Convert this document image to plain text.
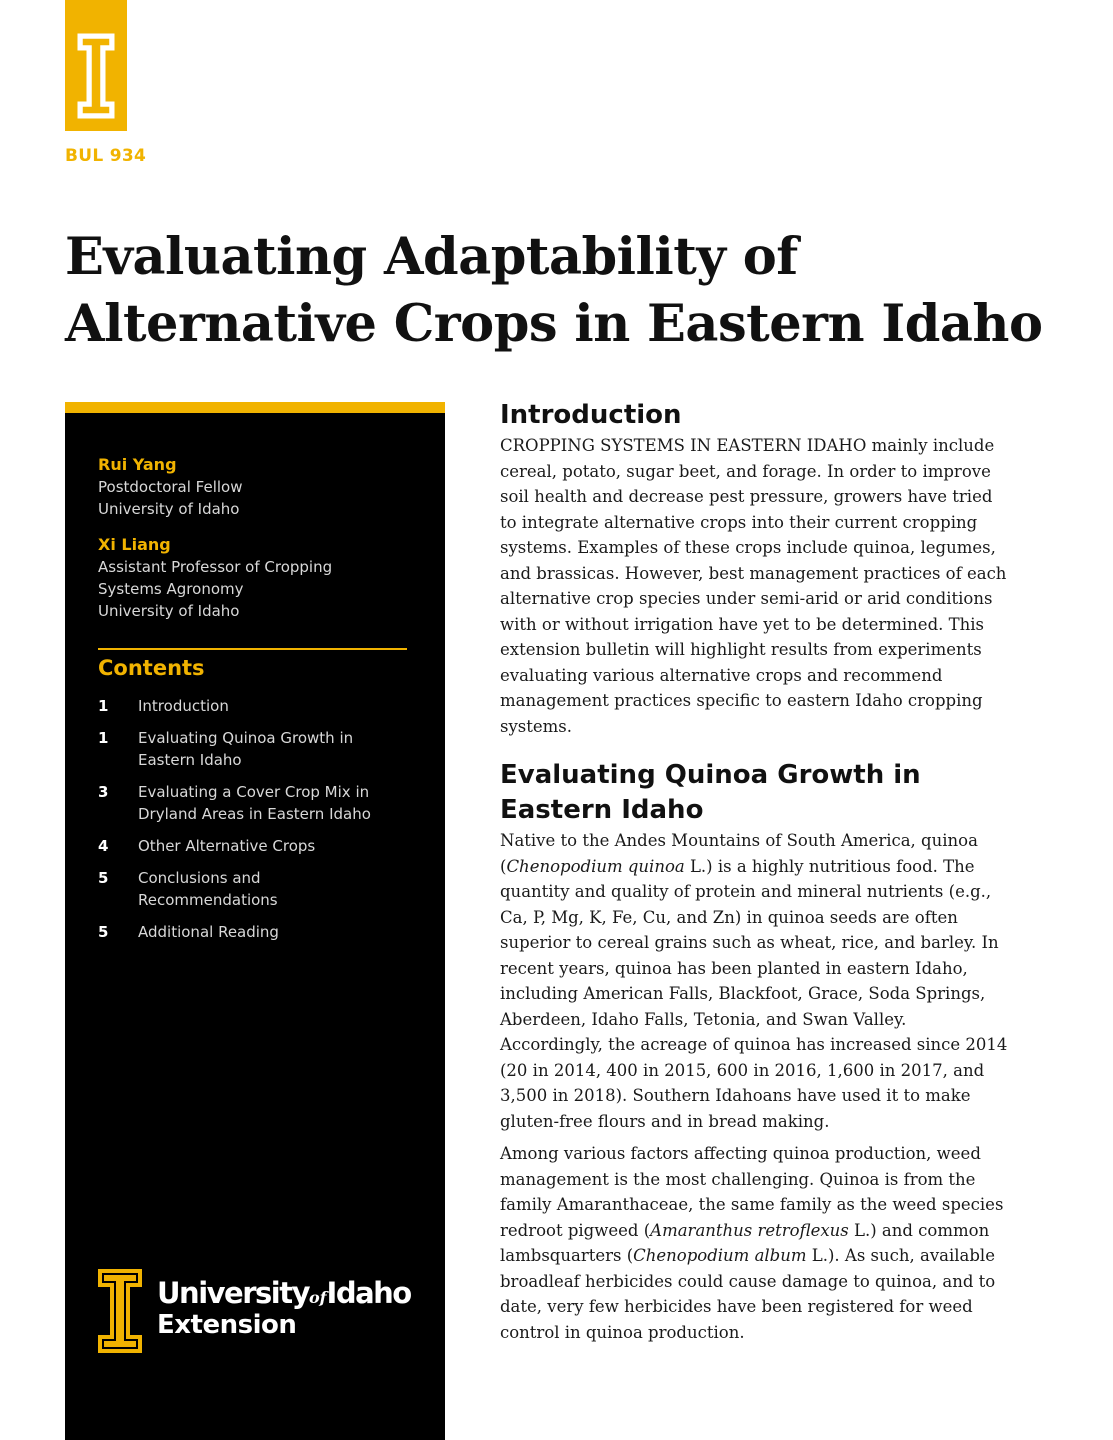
BUL 934
Evaluating Adaptability of Alternative Crops in Eastern Idaho
Rui Yang
Postdoctoral Fellow
University of Idaho
Xi Liang
Assistant Professor of Cropping
Systems Agronomy
University of Idaho
Contents
1	Introduction
1	Evaluating Quinoa Growth in Eastern Idaho
3	Evaluating a Cover Crop Mix in Dryland Areas in Eastern Idaho
4	Other Alternative Crops
5	Conclusions and Recommendations
5	Additional Reading
UniversityofIdaho
Extension
Introduction

CROPPING SYSTEMS IN EASTERN IDAHO mainly include cereal, potato, sugar beet, and forage. In order to improve soil health and decrease pest pressure, growers have tried to integrate alternative crops into their current cropping systems. Examples of these crops include quinoa, legumes, and brassicas. However, best management practices of each alternative crop species under semi-arid or arid conditions with or without irrigation have yet to be determined. This extension bulletin will highlight results from experiments evaluating various alternative crops and recommend management practices specific to eastern Idaho cropping systems.

Evaluating Quinoa Growth in Eastern Idaho

Native to the Andes Mountains of South America, quinoa (Chenopodium quinoa L.) is a highly nutritious food. The quantity and quality of protein and mineral nutrients (e.g., Ca, P, Mg, K, Fe, Cu, and Zn) in quinoa seeds are often superior to cereal grains such as wheat, rice, and barley. In recent years, quinoa has been planted in eastern Idaho, including American Falls, Blackfoot, Grace, Soda Springs, Aberdeen, Idaho Falls, Tetonia, and Swan Valley. Accordingly, the acreage of quinoa has increased since 2014 (20 in 2014, 400 in 2015, 600 in 2016, 1,600 in 2017, and 3,500 in 2018). Southern Idahoans have used it to make gluten-free flours and in bread making.

Among various factors affecting quinoa production, weed management is the most challenging. Quinoa is from the family Amaranthaceae, the same family as the weed species redroot pigweed (Amaranthus retroflexus L.) and common lambsquarters (Chenopodium album L.). As such, available broadleaf herbicides could cause damage to quinoa, and to date, very few herbicides have been registered for weed control in quinoa production.
